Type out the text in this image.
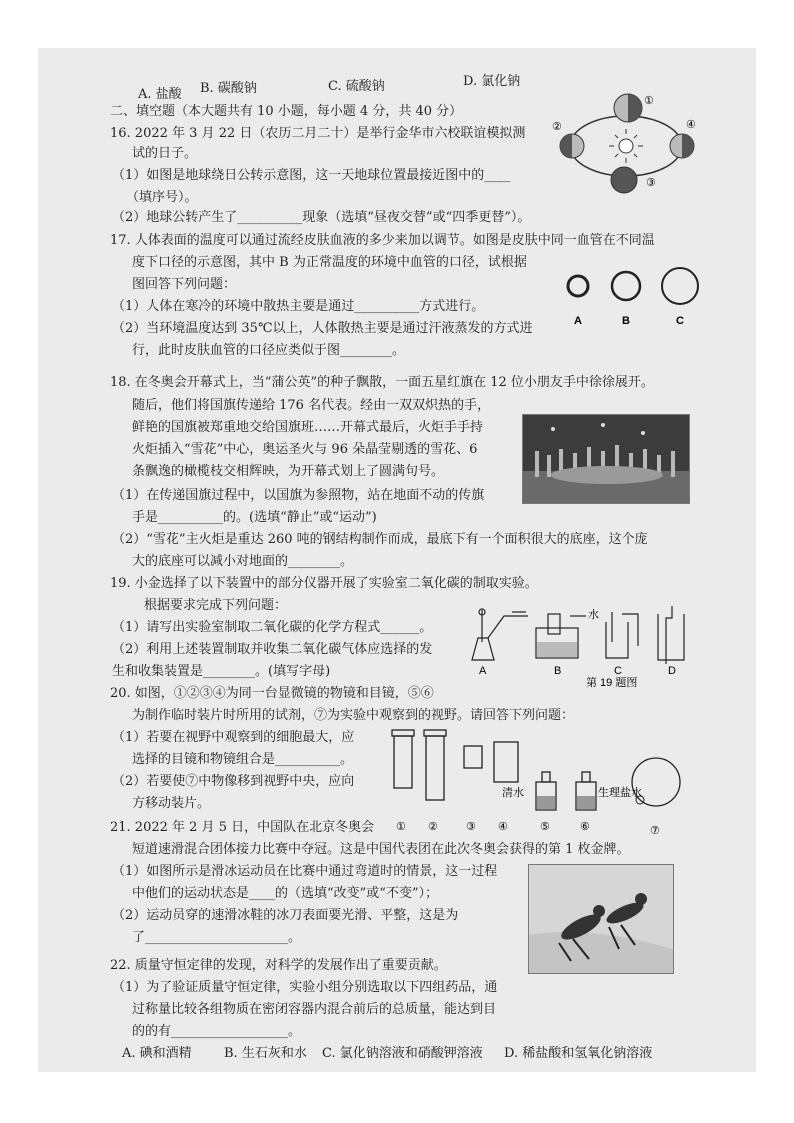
A. 盐酸 B. 碳酸钠	C. 硫酸钠	D. 氯化钠
二、填空题（本大题共有 10 小题，每小题 4 分，共 40 分）
16. 2022 年 3 月 22 日（农历二月二十）是举行金华市六校联谊模拟测
试的日子。
（1）如图是地球绕日公转示意图，这一天地球位置最接近图中的____
（填序号）。
（2）地球公转产生了__________现象（选填“昼夜交替”或“四季更替”）。
①
②
③
④
17. 人体表面的温度可以通过流经皮肤血液的多少来加以调节。如图是皮肤中同一血管在不同温
度下口径的示意图，其中 B 为正常温度的环境中血管的口径，试根据
图回答下列问题：
（1）人体在寒冷的环境中散热主要是通过__________方式进行。
（2）当环境温度达到 35℃以上，人体散热主要是通过汗液蒸发的方式进
行，此时皮肤血管的口径应类似于图________。
A	B	C
18. 在冬奥会开幕式上，当“蒲公英”的种子飘散，一面五星红旗在 12 位小朋友手中徐徐展开。
随后，他们将国旗传递给 176 名代表。经由一双双炽热的手，
鲜艳的国旗被郑重地交给国旗班……开幕式最后，火炬手手持
火炬插入“雪花”中心，奥运圣火与 96 朵晶莹剔透的雪花、6
条飘逸的橄榄枝交相辉映，为开幕式划上了圆满句号。
（1）在传递国旗过程中，以国旗为参照物，站在地面不动的传旗
手是__________的。(选填“静止”或“运动”)
（2）“雪花”主火炬是重达 260 吨的钢结构制作而成，最底下有一个面积很大的底座，这个庞
大的底座可以减小对地面的________。
19. 小金选择了以下装置中的部分仪器开展了实验室二氧化碳的制取实验。
根据要求完成下列问题：
（1）请写出实验室制取二氧化碳的化学方程式______。
（2）利用上述装置制取并收集二氧化碳气体应选择的发
生和收集装置是________。(填写字母)
水
A	B	C	D
第 19 题图
20. 如图，①②③④为同一台显微镜的物镜和目镜，⑤⑥
为制作临时装片时所用的试剂，⑦为实验中观察到的视野。请回答下列问题：
（1）若要在视野中观察到的细胞最大，应
选择的目镜和物镜组合是__________。
（2）若要使⑦中物像移到视野中央，应向
方移动装片。
清水	生理盐水
① ②	③ ④	⑤	⑥	⑦
21. 2022 年 2 月 5 日，中国队在北京冬奥会
短道速滑混合团体接力比赛中夺冠。这是中国代表团在此次冬奥会获得的第 1 枚金牌。
（1）如图所示是滑冰运动员在比赛中通过弯道时的情景，这一过程
中他们的运动状态是____的（选填“改变”或“不变”）；
（2）运动员穿的速滑冰鞋的冰刀表面要光滑、平整，这是为
了______________________。
22. 质量守恒定律的发现，对科学的发展作出了重要贡献。
（1）为了验证质量守恒定律，实验小组分别选取以下四组药品，通
过称量比较各组物质在密闭容器内混合前后的总质量，能达到目
的的有__________________。
A. 碘和酒精 B. 生石灰和水 C. 氯化钠溶液和硝酸钾溶液 D. 稀盐酸和氢氧化钠溶液
